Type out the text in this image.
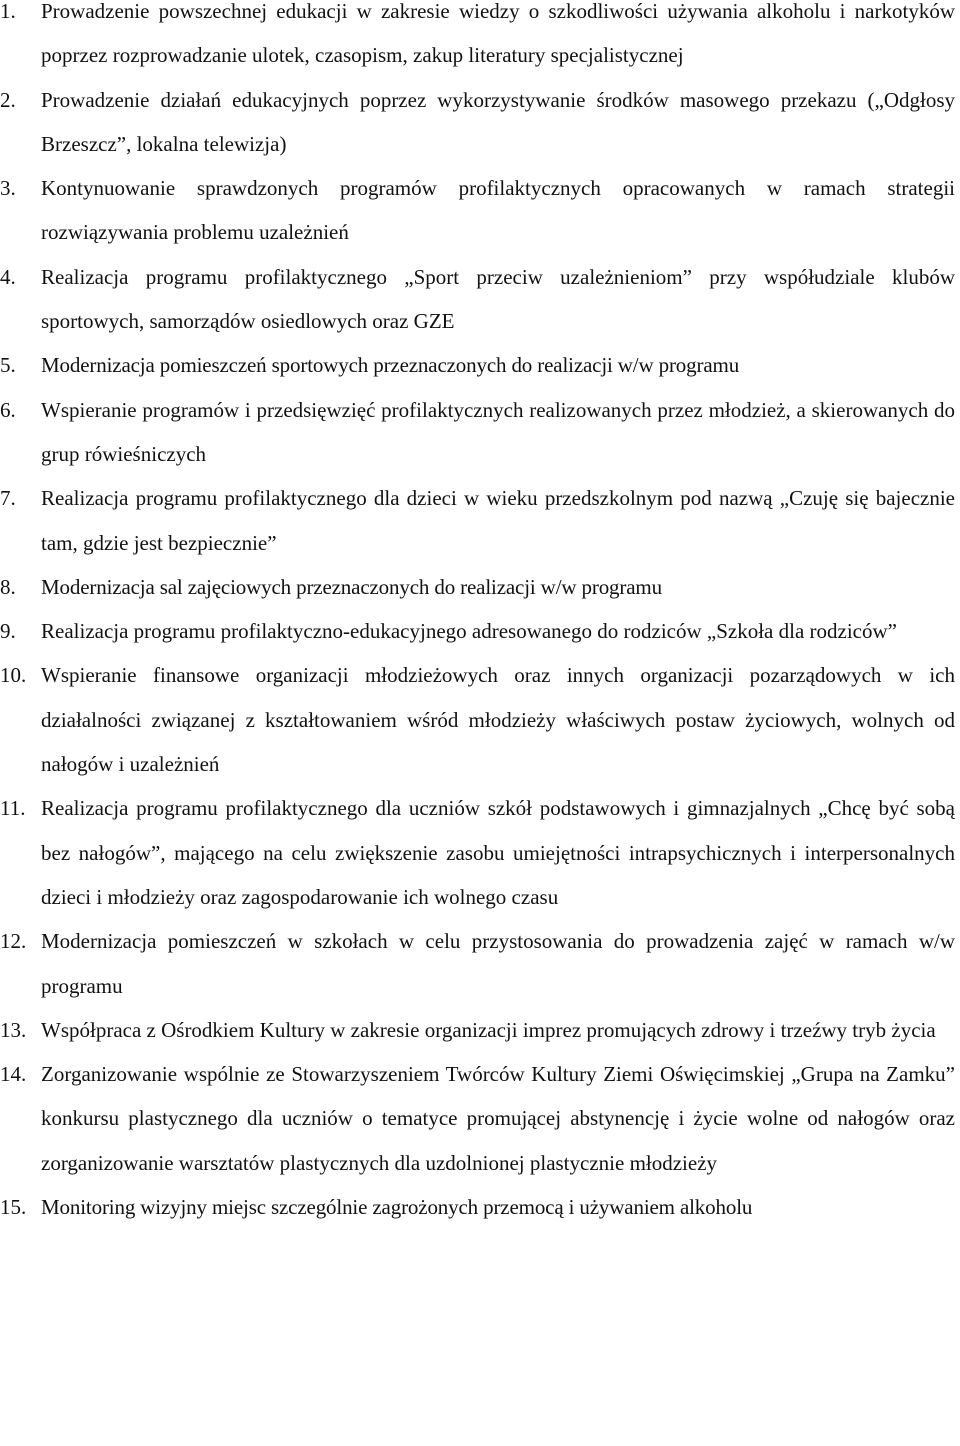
1.	Prowadzenie powszechnej edukacji w zakresie wiedzy o szkodliwości używania alkoholu i narkotyków poprzez rozprowadzanie ulotek, czasopism, zakup literatury specjalistycznej
2.	Prowadzenie działań edukacyjnych poprzez wykorzystywanie środków masowego przekazu („Odgłosy Brzeszcz”, lokalna telewizja)
3.	Kontynuowanie sprawdzonych programów profilaktycznych opracowanych w ramach strategii rozwiązywania problemu uzależnień
4.	Realizacja programu profilaktycznego „Sport przeciw uzależnieniom” przy współudziale klubów sportowych, samorządów osiedlowych oraz GZE
5.	Modernizacja pomieszczeń sportowych przeznaczonych do realizacji w/w programu
6.	Wspieranie programów i przedsięwzięć profilaktycznych realizowanych przez młodzież, a skierowanych do grup rówieśniczych
7.	Realizacja programu profilaktycznego dla dzieci w wieku przedszkolnym pod nazwą „Czuję się bajecznie tam, gdzie jest bezpiecznie”
8.	Modernizacja sal zajęciowych przeznaczonych do realizacji w/w programu
9.	Realizacja programu profilaktyczno-edukacyjnego adresowanego do rodziców „Szkoła dla rodziców”
10. Wspieranie finansowe organizacji młodzieżowych oraz innych organizacji pozarządowych w ich działalności związanej z kształtowaniem wśród młodzieży właściwych postaw życiowych, wolnych od nałogów i uzależnień
11. Realizacja programu profilaktycznego dla uczniów szkół podstawowych i gimnazjalnych „Chcę być sobą bez nałogów”, mającego na celu zwiększenie zasobu umiejętności intrapsychicznych i interpersonalnych dzieci i młodzieży oraz zagospodarowanie ich wolnego czasu
12. Modernizacja pomieszczeń w szkołach w celu przystosowania do prowadzenia zajęć w ramach w/w programu
13. Współpraca z Ośrodkiem Kultury w zakresie organizacji imprez promujących zdrowy i trzeźwy tryb życia
14. Zorganizowanie wspólnie ze Stowarzyszeniem Twórców Kultury Ziemi Oświęcimskiej „Grupa na Zamku” konkursu plastycznego dla uczniów o tematyce promującej abstynencję i życie wolne od nałogów oraz zorganizowanie warsztatów plastycznych dla uzdolnionej plastycznie młodzieży
15. Monitoring wizyjny miejsc szczególnie zagrożonych przemocą i używaniem alkoholu
